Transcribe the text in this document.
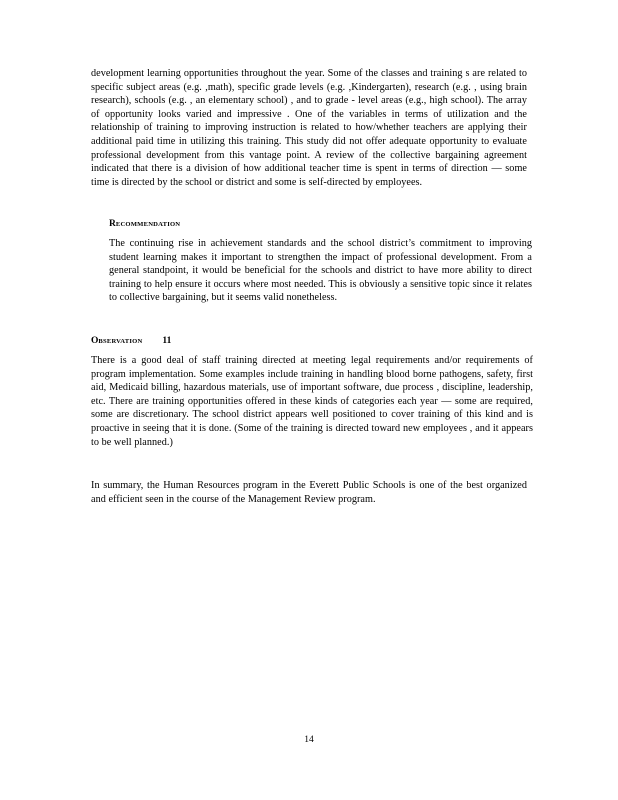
development learning opportunities throughout the year. Some of the classes and training s are related to specific subject areas (e.g. ,math), specific grade levels (e.g. ,Kindergarten), research (e.g. , using brain research), schools (e.g. , an elementary school) , and to grade - level areas (e.g., high school). The array of opportunity looks varied and impressive . One of the variables in terms of utilization and the relationship of training to improving instruction is related to how/whether teachers are applying their additional paid time in utilizing this training. This study did not offer adequate opportunity to evaluate professional development from this vantage point. A review of the collective bargaining agreement indicated that there is a division of how additional teacher time is spent in terms of direction — some time is directed by the school or district and some is self-directed by employees.

RECOMMENDATION

The continuing rise in achievement standards and the school district’s commitment to improving student learning makes it important to strengthen the impact of professional development. From a general standpoint, it would be beneficial for the schools and district to have more ability to direct training to help ensure it occurs where most needed. This is obviously a sensitive topic since it relates to collective bargaining, but it seems valid nonetheless.

OBSERVATION 11

There is a good deal of staff training directed at meeting legal requirements and/or requirements of program implementation. Some examples include training in handling blood borne pathogens, safety, first aid, Medicaid billing, hazardous materials, use of important software, due process , discipline, leadership, etc. There are training opportunities offered in these kinds of categories each year — some are required, some are discretionary. The school district appears well positioned to cover training of this kind and is proactive in seeing that it is done. (Some of the training is directed toward new employees , and it appears to be well planned.)

In summary, the Human Resources program in the Everett Public Schools is one of the best organized and efficient seen in the course of the Management Review program.

14
